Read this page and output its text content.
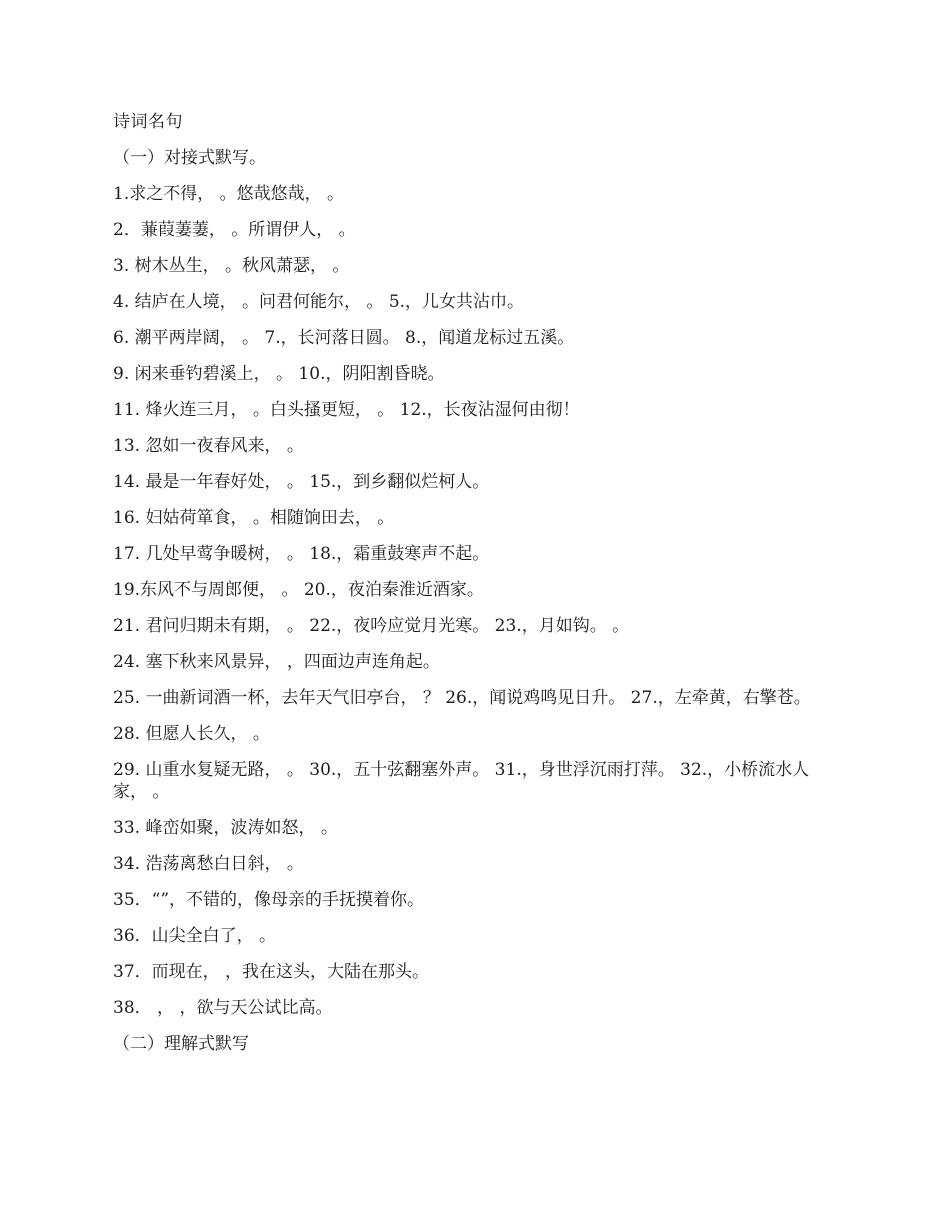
诗词名句

（一）对接式默写。

1.求之不得， 。悠哉悠哉， 。

2．蒹葭萋萋， 。所谓伊人， 。

3. 树木丛生， 。秋风萧瑟， 。

4. 结庐在人境， 。问君何能尔， 。 5.，儿女共沾巾。

6. 潮平两岸阔， 。 7.，长河落日圆。 8.，闻道龙标过五溪。

9. 闲来垂钓碧溪上， 。 10.，阴阳割昏晓。

11. 烽火连三月， 。白头搔更短， 。 12.，长夜沾湿何由彻！

13. 忽如一夜春风来， 。

14. 最是一年春好处， 。 15.，到乡翻似烂柯人。

16. 妇姑荷箪食， 。相随饷田去， 。

17. 几处早莺争暖树， 。 18.，霜重鼓寒声不起。

19.东风不与周郎便， 。 20.，夜泊秦淮近酒家。

21. 君问归期未有期， 。 22.，夜吟应觉月光寒。 23.，月如钩。 。

24. 塞下秋来风景异， ，四面边声连角起。

25. 一曲新词酒一杯，去年天气旧亭台， ？ 26.，闻说鸡鸣见日升。 27.，左牵黄，右擎苍。

28. 但愿人长久， 。

29. 山重水复疑无路， 。 30.，五十弦翻塞外声。 31.，身世浮沉雨打萍。 32.，小桥流水人家， 。

33. 峰峦如聚，波涛如怒， 。

34. 浩荡离愁白日斜， 。

35．“”，不错的，像母亲的手抚摸着你。

36．山尖全白了， 。

37．而现在， ，我在这头，大陆在那头。

38． ， ，欲与天公试比高。

（二）理解式默写
